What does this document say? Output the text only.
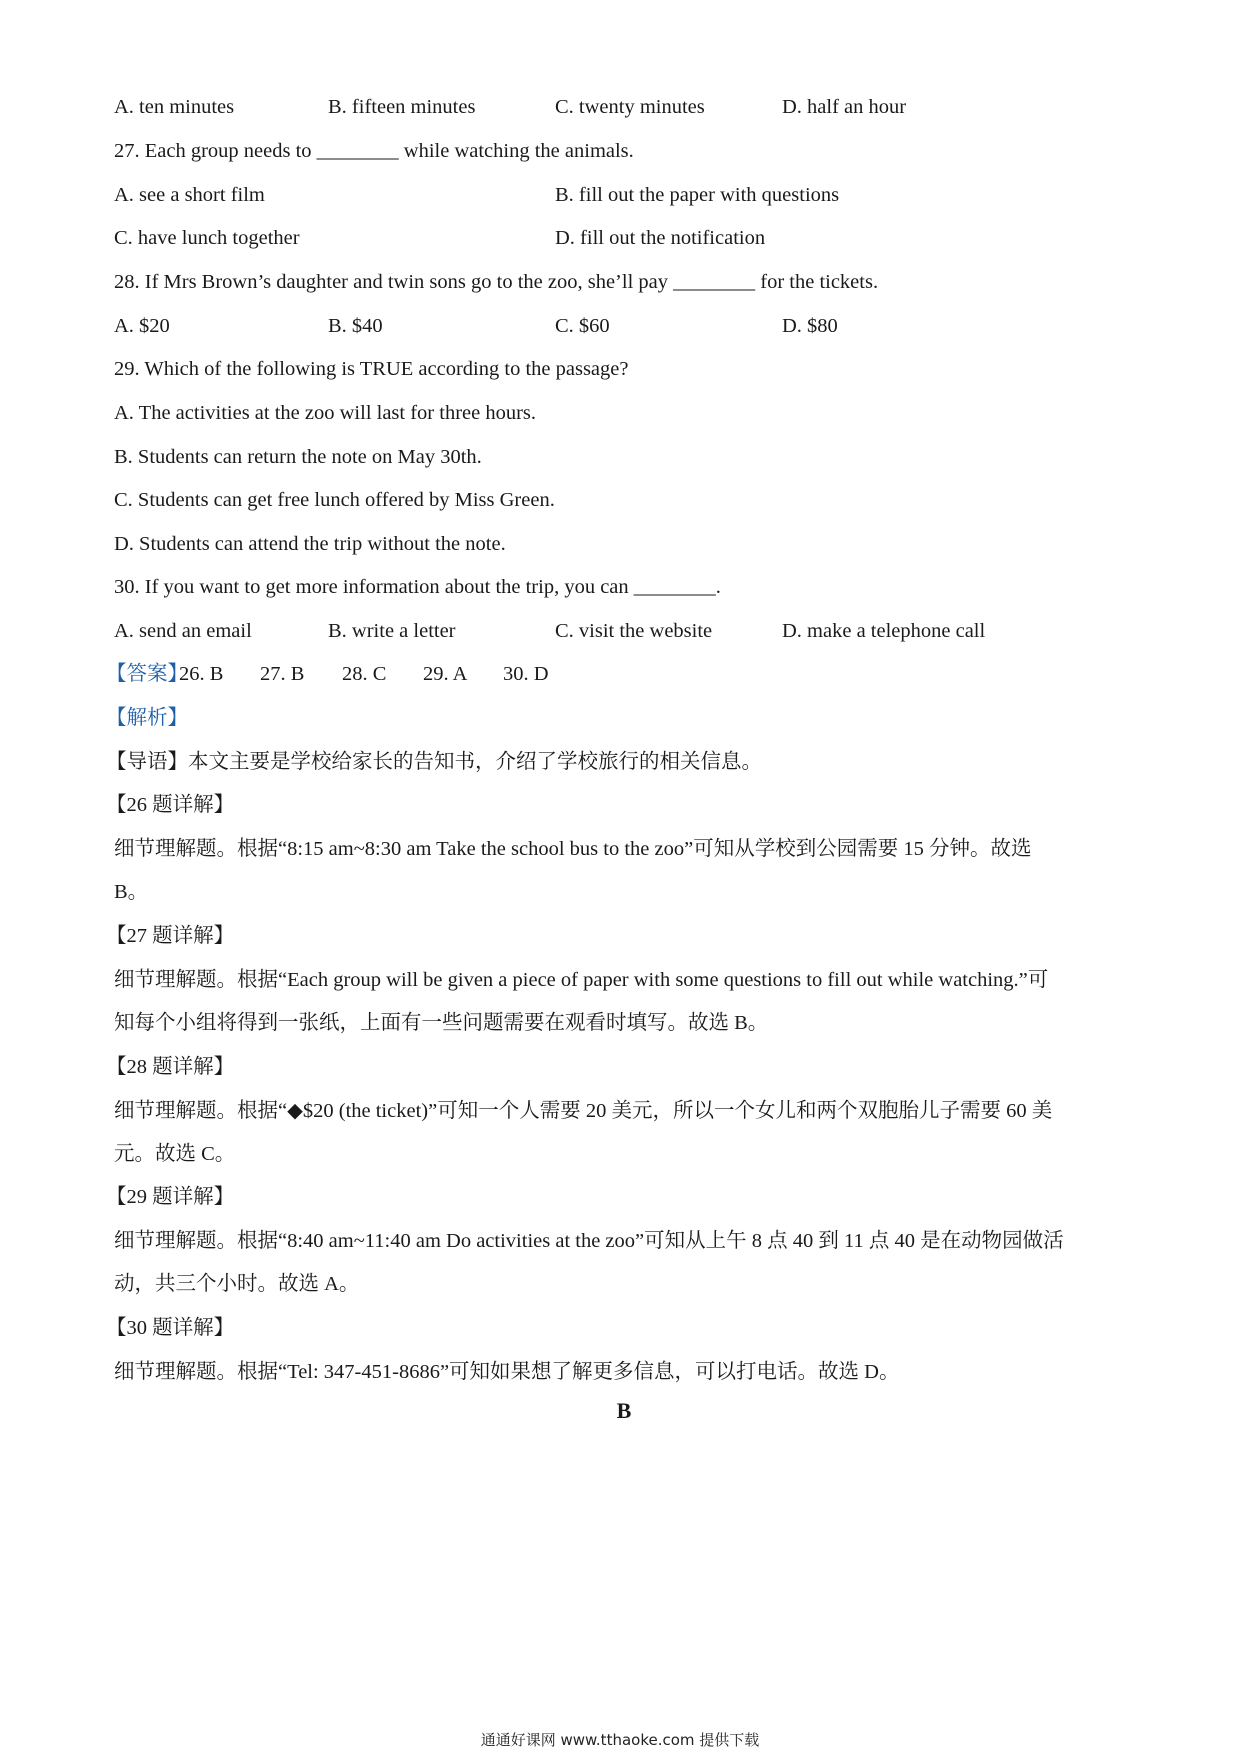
A. ten minutes	B. fifteen minutes	C. twenty minutes	D. half an hour
27. Each group needs to ________ while watching the animals.
A. see a short film	B. fill out the paper with questions
C. have lunch together	D. fill out the notification
28. If Mrs Brown’s daughter and twin sons go to the zoo, she’ll pay ________ for the tickets.
A. $20	B. $40	C. $60	D. $80
29. Which of the following is TRUE according to the passage?
A. The activities at the zoo will last for three hours.
B. Students can return the note on May 30th.
C. Students can get free lunch offered by Miss Green.
D. Students can attend the trip without the note.
30. If you want to get more information about the trip, you can ________.
A. send an email	B. write a letter	C. visit the website	D. make a telephone call
【答案】
26. B 27. B 28. C 29. A 30. D
【解析】
【导语】本文主要是学校给家长的告知书，介绍了学校旅行的相关信息。
【26 题详解】
细节理解题。根据“8:15 am~8:30 am Take the school bus to the zoo”可知从学校到公园需要 15 分钟。故选
B。
【27 题详解】
细节理解题。根据“Each group will be given a piece of paper with some questions to fill out while watching.”可
知每个小组将得到一张纸，上面有一些问题需要在观看时填写。故选 B。
【28 题详解】
细节理解题。根据“◆$20 (the ticket)”可知一个人需要 20 美元，所以一个女儿和两个双胞胎儿子需要 60 美
元。故选 C。
【29 题详解】
细节理解题。根据“8:40 am~11:40 am Do activities at the zoo”可知从上午 8 点 40 到 11 点 40 是在动物园做活
动，共三个小时。故选 A。
【30 题详解】
细节理解题。根据“Tel: 347-451-8686”可知如果想了解更多信息，可以打电话。故选 D。
B
通通好课网 www.tthaoke.com 提供下载
